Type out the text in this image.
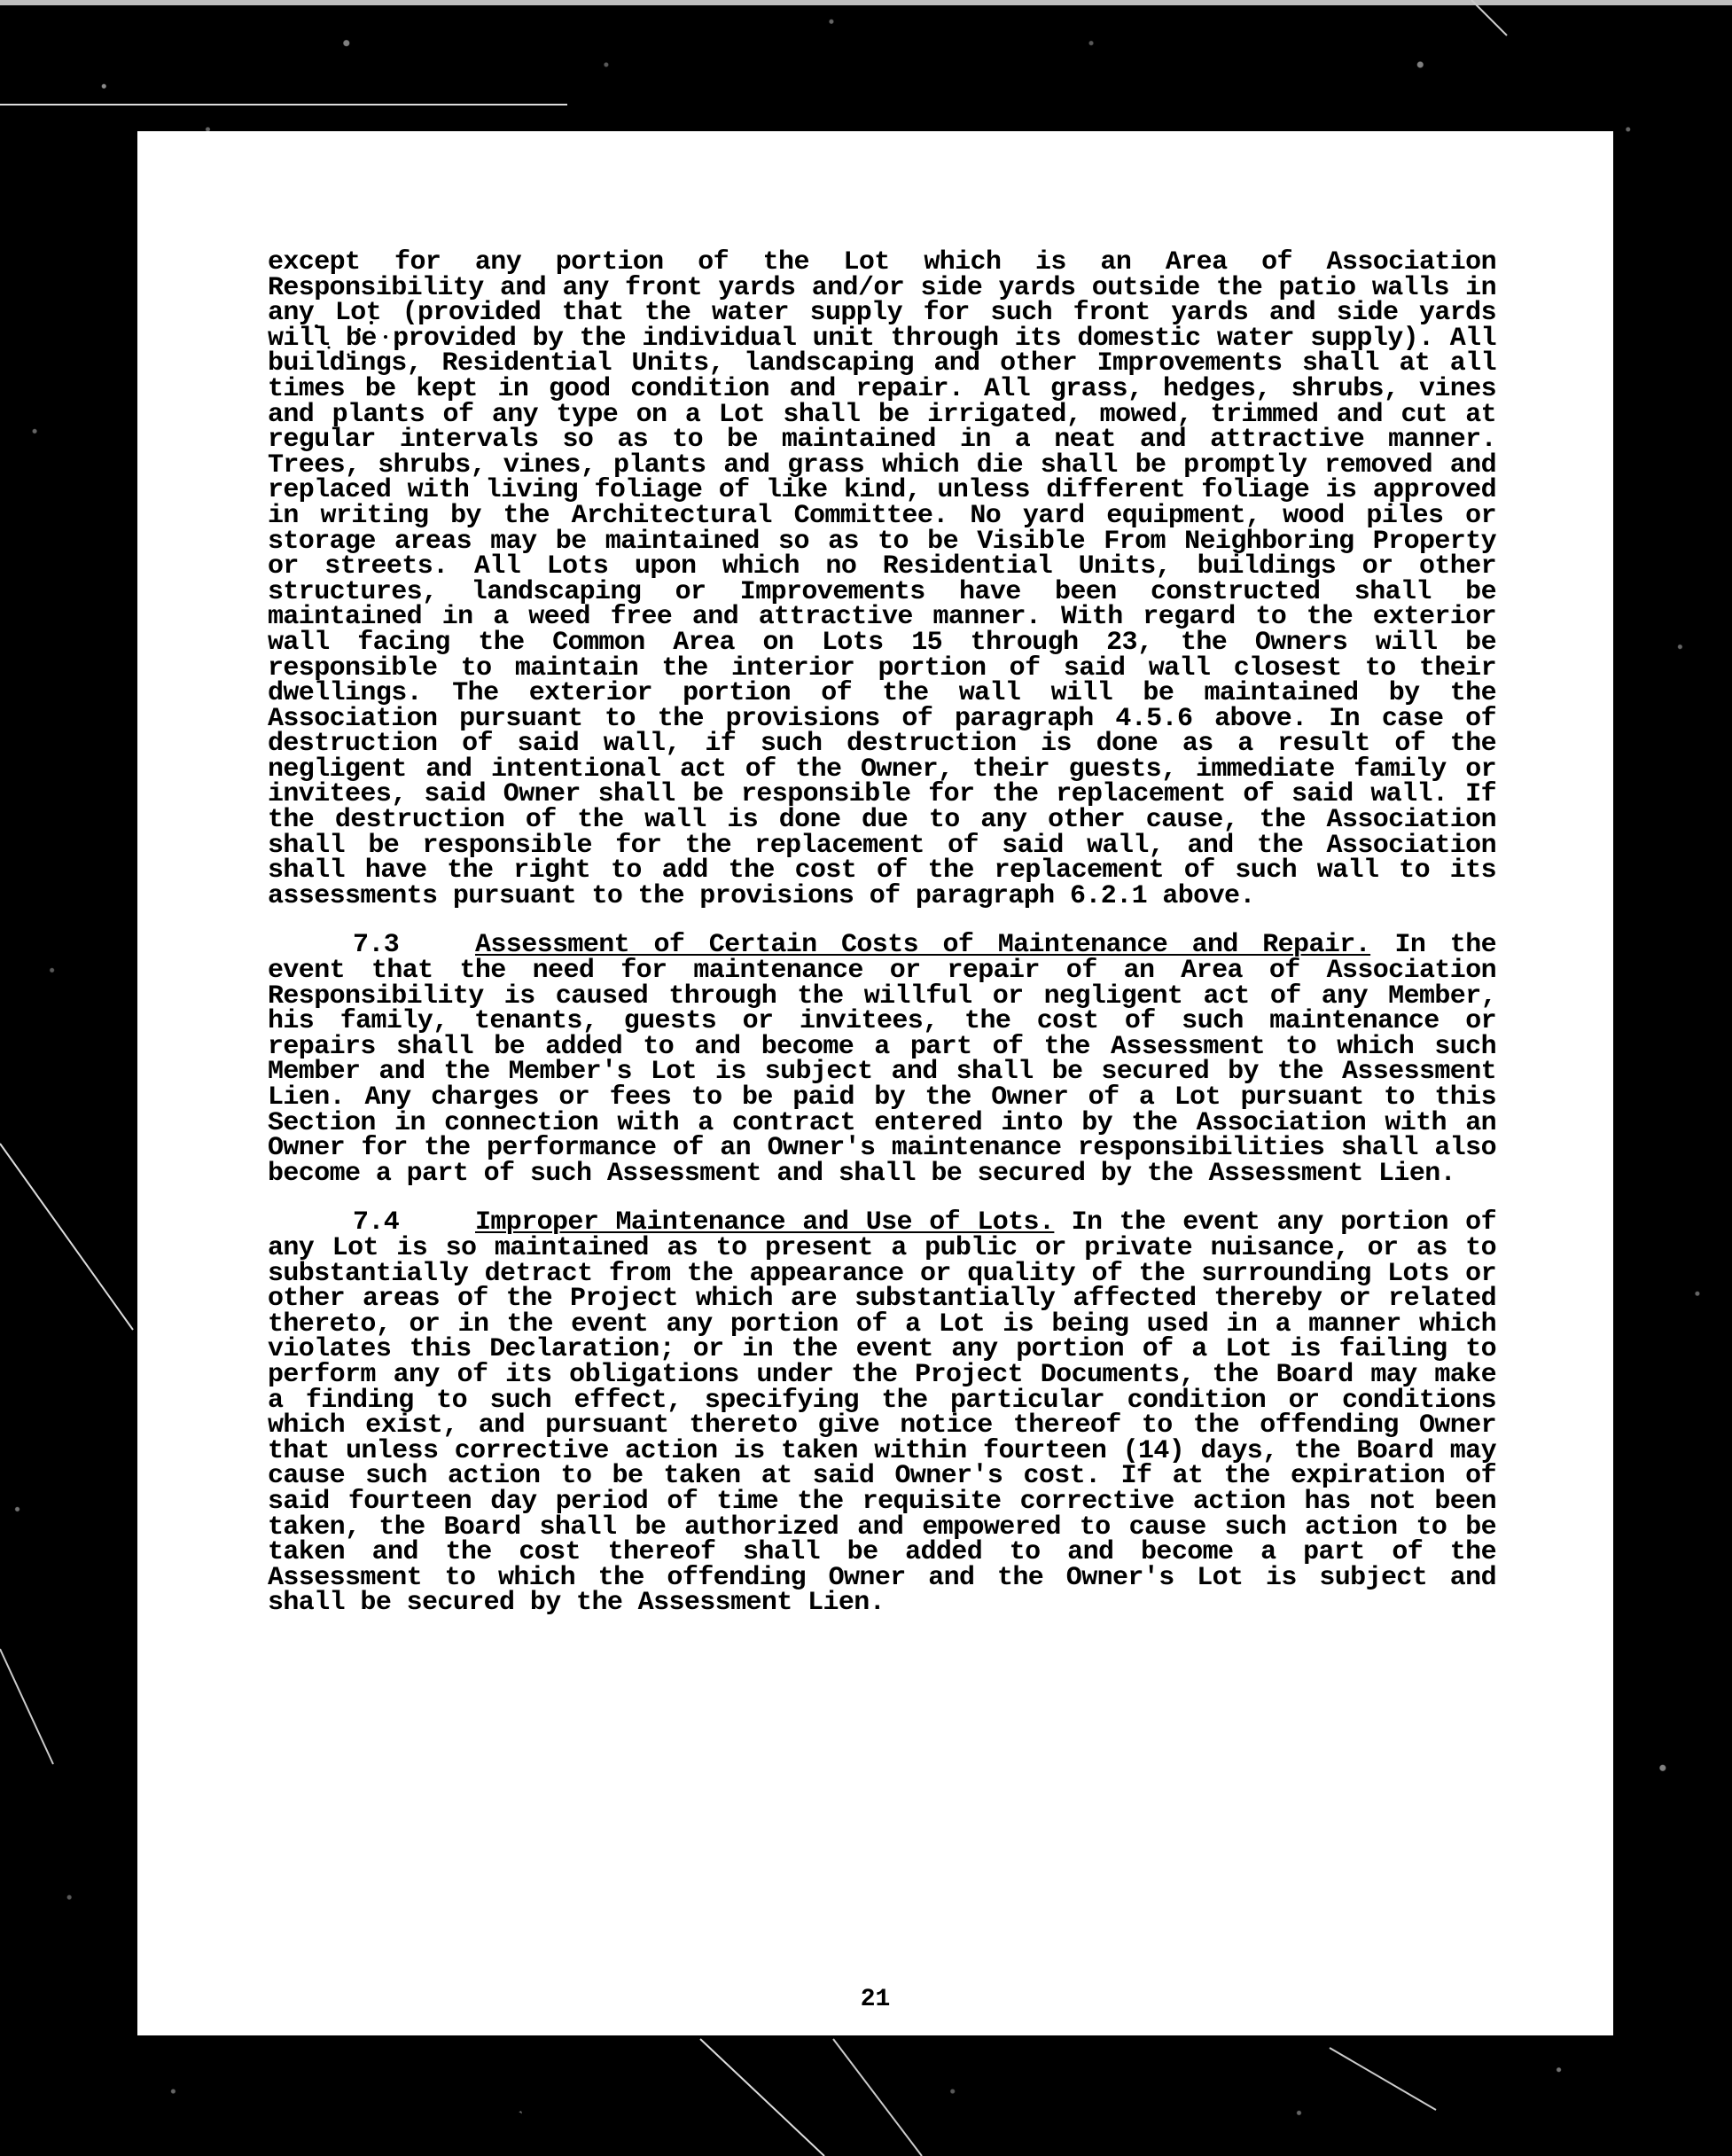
21
10036 1102

except for any portion of the Lot which is an Area of Association Responsibility and any front yards and/or side yards outside the patio walls in any Lot (provided that the water supply for such front yards and side yards will be provided by the individual unit through its domestic water supply). All buildings, Residential Units, landscaping and other Improvements shall at all times be kept in good condition and repair. All grass, hedges, shrubs, vines and plants of any type on a Lot shall be irrigated, mowed, trimmed and cut at regular intervals so as to be maintained in a neat and attractive manner. Trees, shrubs, vines, plants and grass which die shall be promptly removed and replaced with living foliage of like kind, unless different foliage is approved in writing by the Architectural Committee. No yard equipment, wood piles or storage areas may be maintained so as to be Visible From Neighboring Property or streets. All Lots upon which no Residential Units, buildings or other structures, landscaping or Improvements have been constructed shall be maintained in a weed free and attractive manner. With regard to the exterior wall facing the Common Area on Lots 15 through 23, the Owners will be responsible to maintain the interior portion of said wall closest to their dwellings. The exterior portion of the wall will be maintained by the Association pursuant to the provisions of paragraph 4.5.6 above. In case of destruction of said wall, if such destruction is done as a result of the negligent and intentional act of the Owner, their guests, immediate family or invitees, said Owner shall be responsible for the replacement of said wall. If the destruction of the wall is done due to any other cause, the Association shall be responsible for the replacement of said wall, and the Association shall have the right to add the cost of the replacement of such wall to its assessments pursuant to the provisions of paragraph 6.2.1 above.

7.3	Assessment of Certain Costs of Maintenance and Repair. In the event that the need for maintenance or repair of an Area of Association Responsibility is caused through the willful or negligent act of any Member, his family, tenants, guests or invitees, the cost of such maintenance or repairs shall be added to and become a part of the Assessment to which such Member and the Member's Lot is subject and shall be secured by the Assessment Lien. Any charges or fees to be paid by the Owner of a Lot pursuant to this Section in connection with a contract entered into by the Association with an Owner for the performance of an Owner's maintenance responsibilities shall also become a part of such Assessment and shall be secured by the Assessment Lien.

7.4	Improper Maintenance and Use of Lots. In the event any portion of any Lot is so maintained as to present a public or private nuisance, or as to substantially detract from the appearance or quality of the surrounding Lots or other areas of the Project which are substantially affected thereby or related thereto, or in the event any portion of a Lot is being used in a manner which violates this Declaration; or in the event any portion of a Lot is failing to perform any of its obligations under the Project Documents, the Board may make a finding to such effect, specifying the particular condition or conditions which exist, and pursuant thereto give notice thereof to the offending Owner that unless corrective action is taken within fourteen (14) days, the Board may cause such action to be taken at said Owner's cost. If at the expiration of said fourteen day period of time the requisite corrective action has not been taken, the Board shall be authorized and empowered to cause such action to be taken and the cost thereof shall be added to and become a part of the Assessment to which the offending Owner and the Owner's Lot is subject and shall be secured by the Assessment Lien.
